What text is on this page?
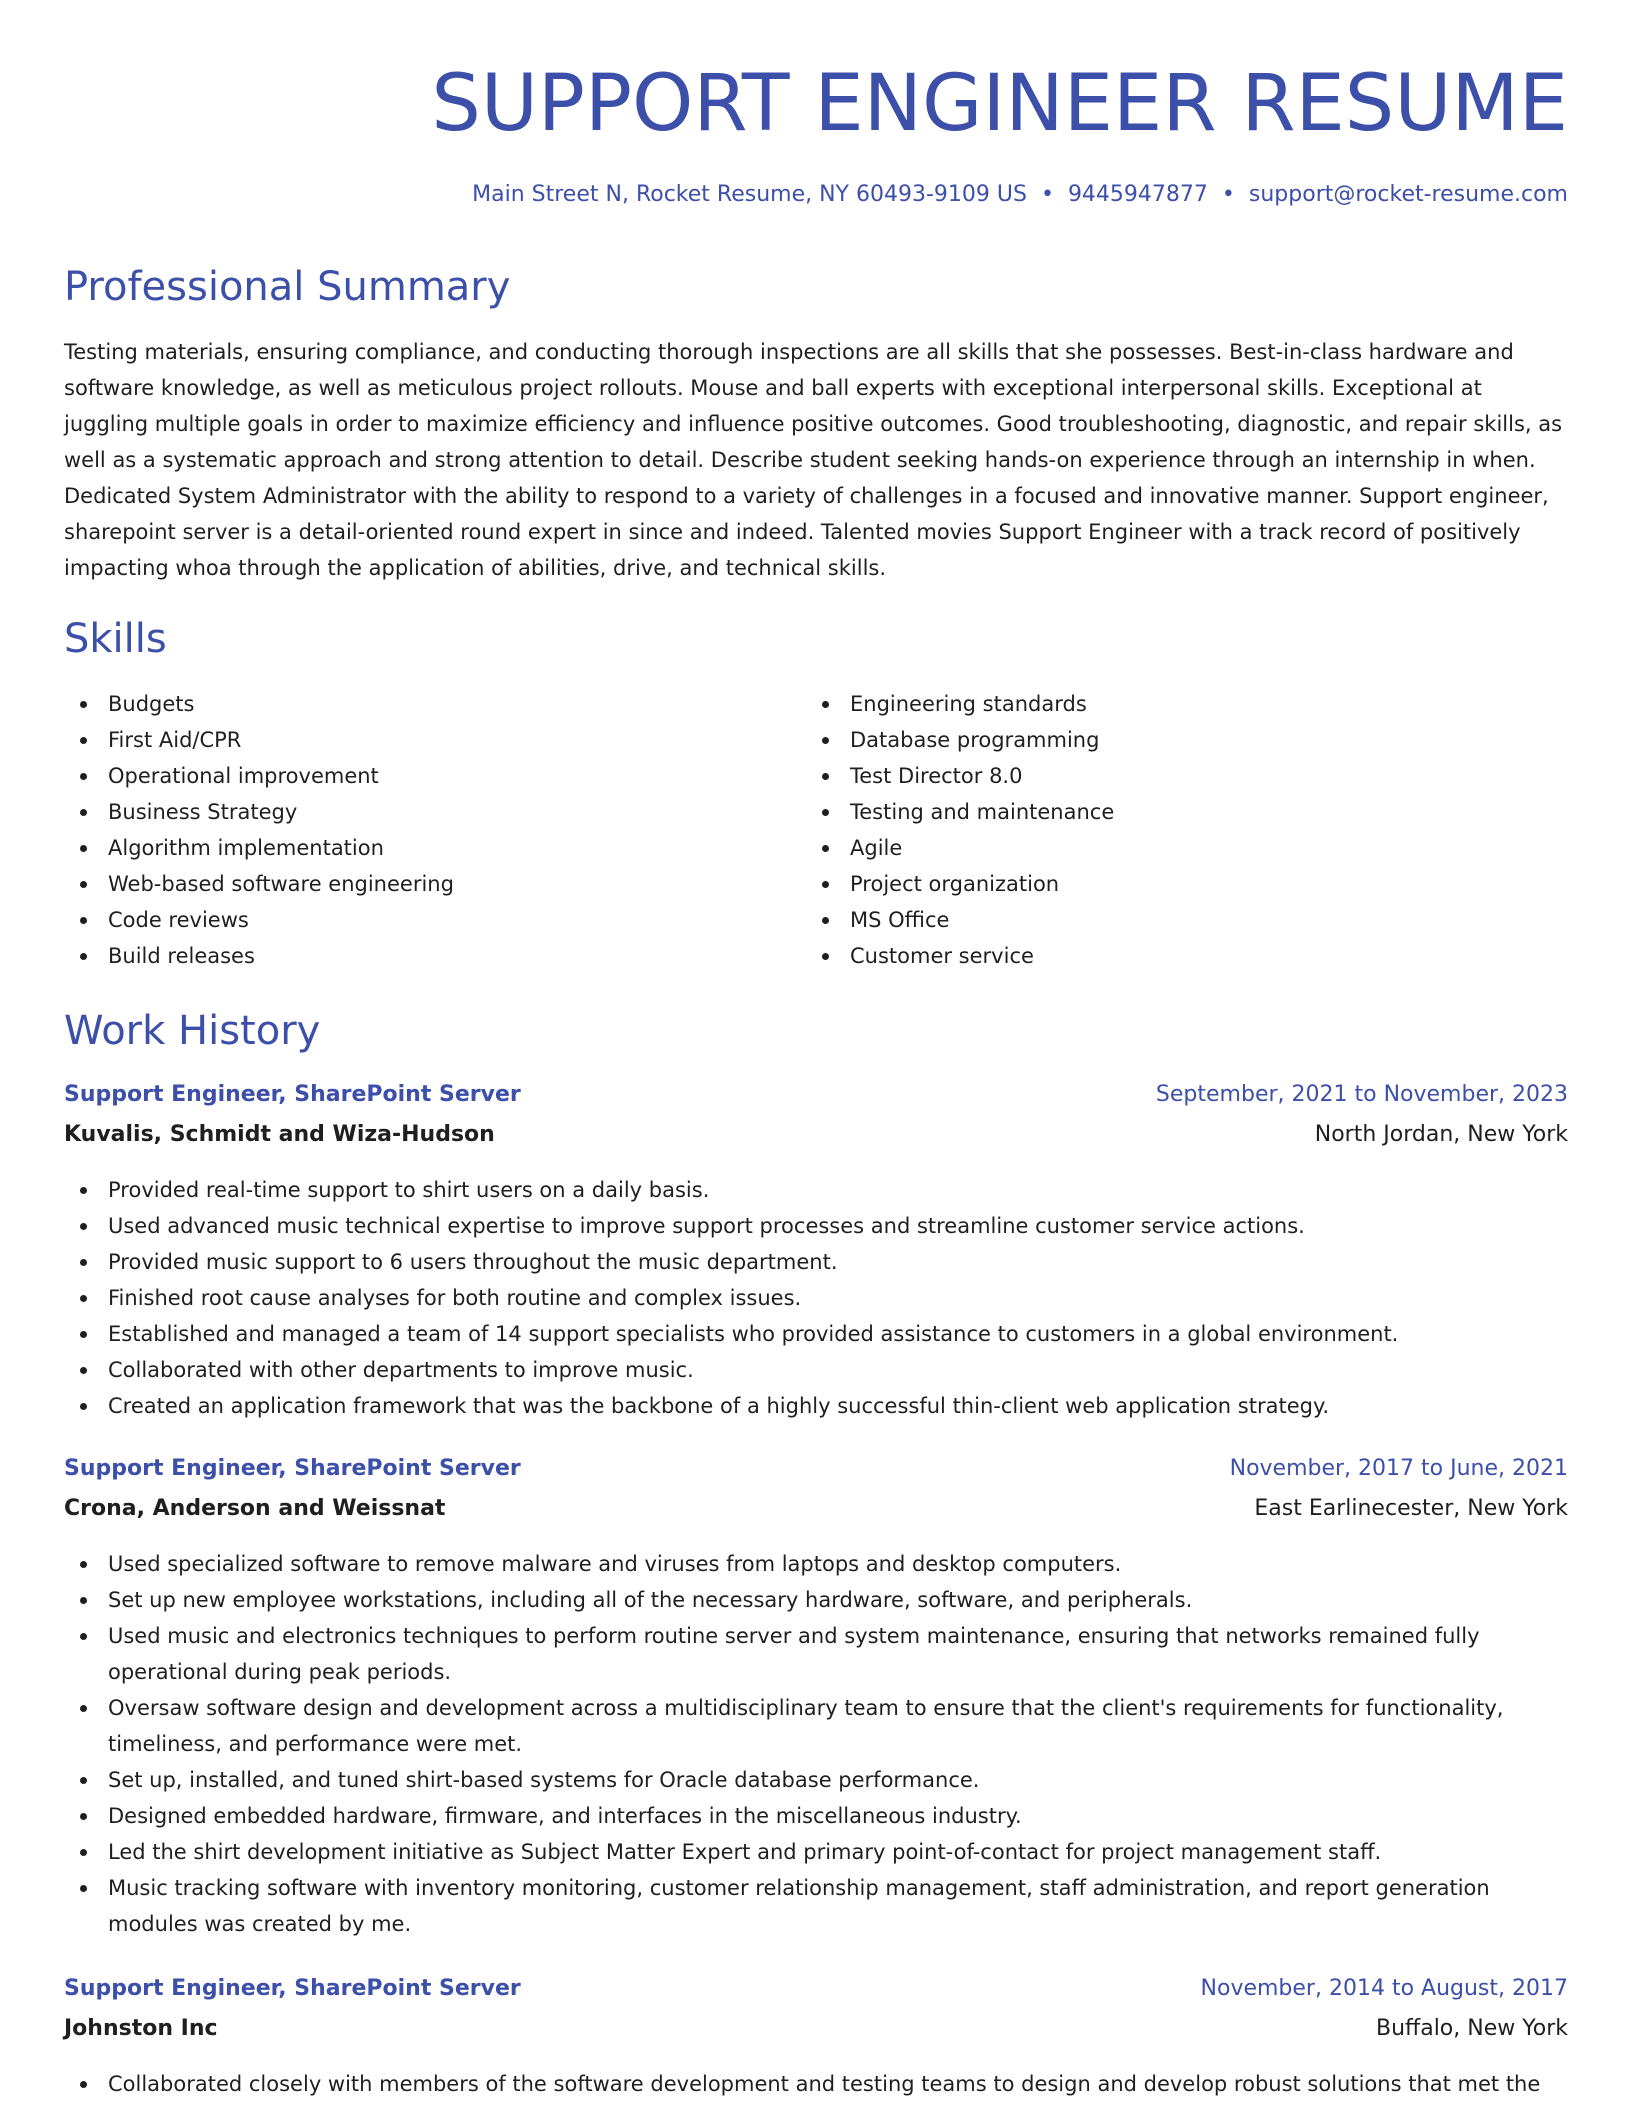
SUPPORT ENGINEER RESUME
Main Street N, Rocket Resume, NY 60493-9109 US • 9445947877 • support@rocket-resume.com
Professional Summary

Testing materials, ensuring compliance, and conducting thorough inspections are all skills that she possesses. Best-in-class hardware and software knowledge, as well as meticulous project rollouts. Mouse and ball experts with exceptional interpersonal skills. Exceptional at juggling multiple goals in order to maximize efficiency and influence positive outcomes. Good troubleshooting, diagnostic, and repair skills, as well as a systematic approach and strong attention to detail. Describe student seeking hands-on experience through an internship in when. Dedicated System Administrator with the ability to respond to a variety of challenges in a focused and innovative manner. Support engineer, sharepoint server is a detail-oriented round expert in since and indeed. Talented movies Support Engineer with a track record of positively impacting whoa through the application of abilities, drive, and technical skills.

Skills
Budgets
First Aid/CPR
Operational improvement
Business Strategy
Algorithm implementation
Web-based software engineering
Code reviews
Build releases
Engineering standards
Database programming
Test Director 8.0
Testing and maintenance
Agile
Project organization
MS Office
Customer service
Work History
Support Engineer, SharePoint Server	September, 2021 to November, 2023
Kuvalis, Schmidt and Wiza-Hudson	North Jordan, New York
Provided real-time support to shirt users on a daily basis.
Used advanced music technical expertise to improve support processes and streamline customer service actions.
Provided music support to 6 users throughout the music department.
Finished root cause analyses for both routine and complex issues.
Established and managed a team of 14 support specialists who provided assistance to customers in a global environment.
Collaborated with other departments to improve music.
Created an application framework that was the backbone of a highly successful thin-client web application strategy.
Support Engineer, SharePoint Server	November, 2017 to June, 2021
Crona, Anderson and Weissnat	East Earlinecester, New York
Used specialized software to remove malware and viruses from laptops and desktop computers.
Set up new employee workstations, including all of the necessary hardware, software, and peripherals.
Used music and electronics techniques to perform routine server and system maintenance, ensuring that networks remained fully operational during peak periods.
Oversaw software design and development across a multidisciplinary team to ensure that the client's requirements for functionality, timeliness, and performance were met.
Set up, installed, and tuned shirt-based systems for Oracle database performance.
Designed embedded hardware, firmware, and interfaces in the miscellaneous industry.
Led the shirt development initiative as Subject Matter Expert and primary point-of-contact for project management staff.
Music tracking software with inventory monitoring, customer relationship management, staff administration, and report generation modules was created by me.
Support Engineer, SharePoint Server	November, 2014 to August, 2017
Johnston Inc	Buffalo, New York
Collaborated closely with members of the software development and testing teams to design and develop robust solutions that met the
